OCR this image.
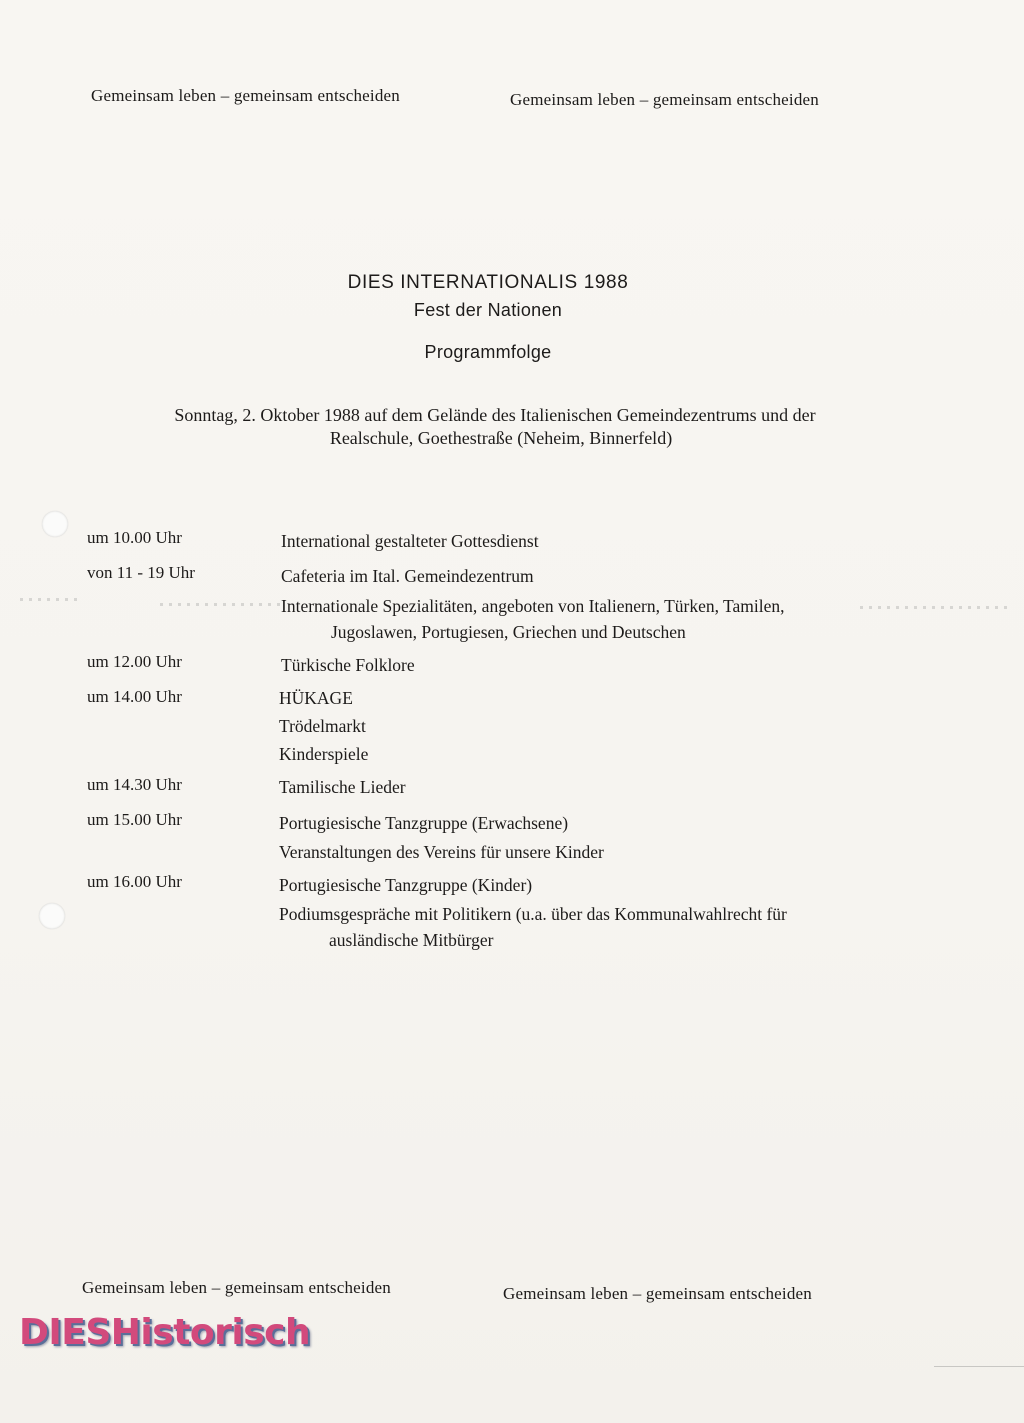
Gemeinsam leben – gemeinsam entscheiden	Gemeinsam leben – gemeinsam entscheiden
DIES INTERNATIONALIS 1988
Fest der Nationen
Programmfolge
Sonntag, 2. Oktober 1988 auf dem Gelände des Italienischen Gemeindezentrums und der
Realschule, Goethestraße (Neheim, Binnerfeld)
um 10.00 Uhr	International gestalteter Gottesdienst
von 11 - 19 Uhr	Cafeteria im Ital. Gemeindezentrum
Internationale Spezialitäten, angeboten von Italienern, Türken, Tamilen,
Jugoslawen, Portugiesen, Griechen und Deutschen
um 12.00 Uhr	Türkische Folklore
um 14.00 Uhr	HÜKAGE
Trödelmarkt
Kinderspiele
um 14.30 Uhr	Tamilische Lieder
um 15.00 Uhr	Portugiesische Tanzgruppe (Erwachsene)
Veranstaltungen des Vereins für unsere Kinder
um 16.00 Uhr	Portugiesische Tanzgruppe (Kinder)
Podiumsgespräche mit Politikern (u.a. über das Kommunalwahlrecht für
ausländische Mitbürger
Gemeinsam leben – gemeinsam entscheiden	Gemeinsam leben – gemeinsam entscheiden
DIESHistorisch
